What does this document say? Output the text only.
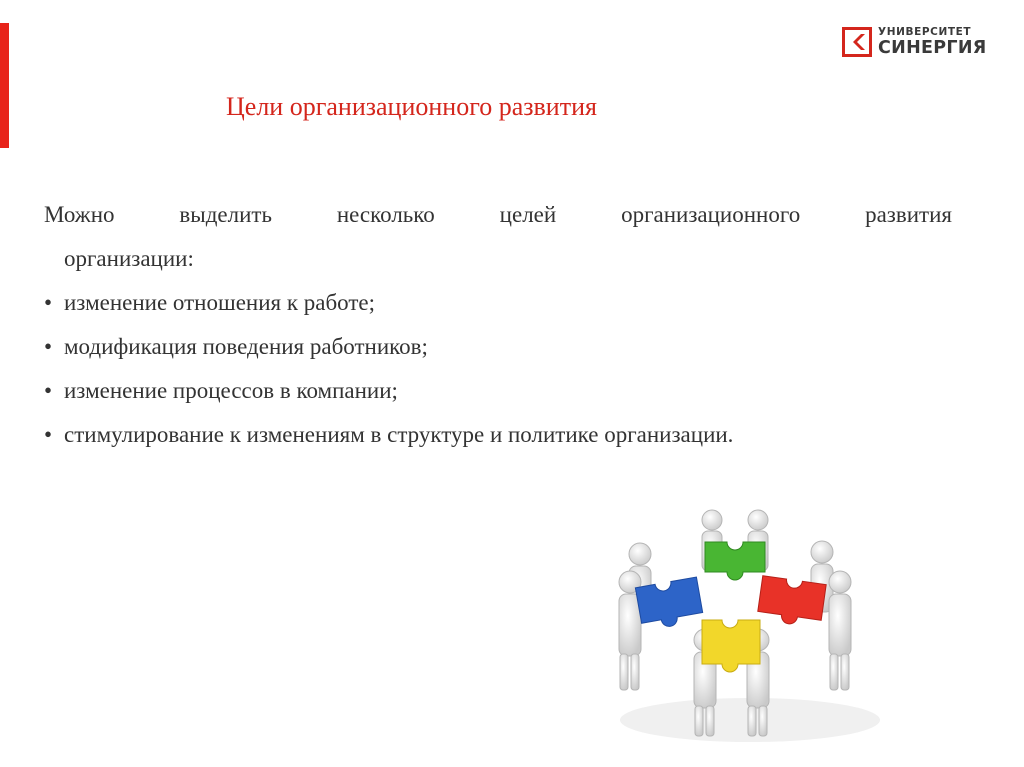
УНИВЕРСИТЕТ
СИНЕРГИЯ
Цели организационного развития

Можно выделить несколько целей организационного развития

организации:

• изменение отношения к работе;
• модификация поведения работников;
• изменение процессов в компании;
• стимулирование к изменениям в структуре и политике организации.
